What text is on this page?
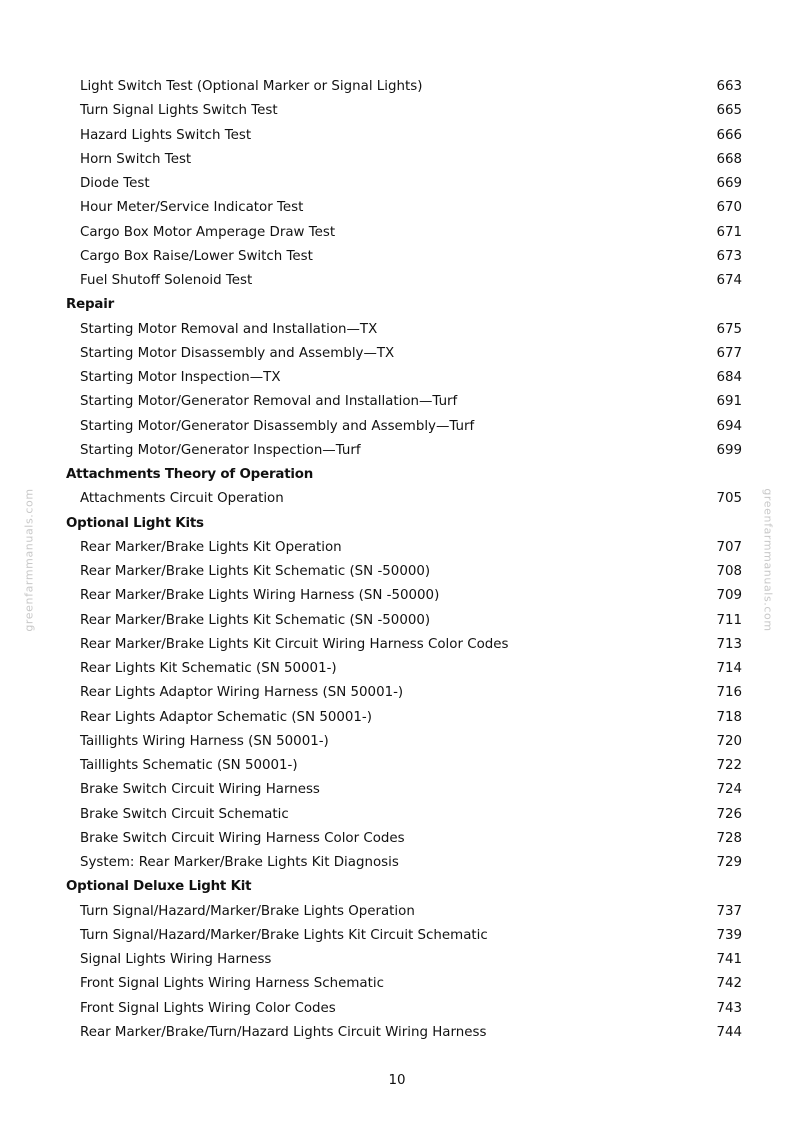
greenfarmmanuals.com	greenfarmmanuals.com
Light Switch Test (Optional Marker or Signal Lights)	663
Turn Signal Lights Switch Test	665
Hazard Lights Switch Test	666
Horn Switch Test	668
Diode Test	669
Hour Meter/Service Indicator Test	670
Cargo Box Motor Amperage Draw Test	671
Cargo Box Raise/Lower Switch Test	673
Fuel Shutoff Solenoid Test	674
Repair
Starting Motor Removal and Installation—TX	675
Starting Motor Disassembly and Assembly—TX	677
Starting Motor Inspection—TX	684
Starting Motor/Generator Removal and Installation—Turf	691
Starting Motor/Generator Disassembly and Assembly—Turf	694
Starting Motor/Generator Inspection—Turf	699
Attachments Theory of Operation
Attachments Circuit Operation	705
Optional Light Kits
Rear Marker/Brake Lights Kit Operation	707
Rear Marker/Brake Lights Kit Schematic (SN -50000)	708
Rear Marker/Brake Lights Wiring Harness (SN -50000)	709
Rear Marker/Brake Lights Kit Schematic (SN -50000)	711
Rear Marker/Brake Lights Kit Circuit Wiring Harness Color Codes	713
Rear Lights Kit Schematic (SN 50001-)	714
Rear Lights Adaptor Wiring Harness (SN 50001-)	716
Rear Lights Adaptor Schematic (SN 50001-)	718
Taillights Wiring Harness (SN 50001-)	720
Taillights Schematic (SN 50001-)	722
Brake Switch Circuit Wiring Harness	724
Brake Switch Circuit Schematic	726
Brake Switch Circuit Wiring Harness Color Codes	728
System: Rear Marker/Brake Lights Kit Diagnosis	729
Optional Deluxe Light Kit
Turn Signal/Hazard/Marker/Brake Lights Operation	737
Turn Signal/Hazard/Marker/Brake Lights Kit Circuit Schematic	739
Signal Lights Wiring Harness	741
Front Signal Lights Wiring Harness Schematic	742
Front Signal Lights Wiring Color Codes	743
Rear Marker/Brake/Turn/Hazard Lights Circuit Wiring Harness	744
10
